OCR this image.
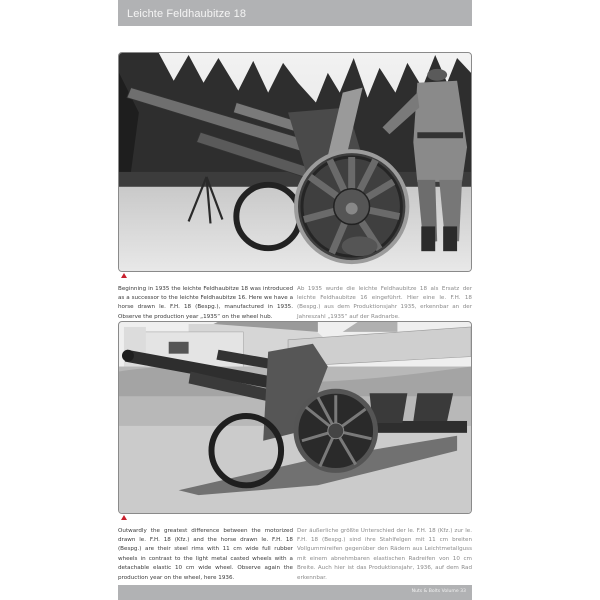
Leichte Feldhaubitze 18

Beginning in 1935 the leichte Feldhaubitze 18 was introduced as a successor to the leichte Feldhaubitze 16. Here we have a horse drawn le. F.H. 18 (Bespg.), manufactured in 1935. Observe the production year „1935“ on the wheel hub.

Ab 1935 wurde die leichte Feldhaubitze 18 als Ersatz der leichte Feldhaubitze 16 eingeführt. Hier eine le. F.H. 18 (Bespg.) aus dem Produktionsjahr 1935, erkennbar an der Jahreszahl „1935“ auf der Radnarbe.

Outwardly the greatest difference between the motorized drawn le. F.H. 18 (Kfz.) and the horse drawn le. F.H. 18 (Bespg.) are their steel rims with 11 cm wide full rubber wheels in contrast to the light metal casted wheels with a detachable elastic 10 cm wide wheel. Observe again the production year on the wheel, here 1936.

Der äußerliche größte Unterschied der le. F.H. 18 (Kfz.) zur le. F.H. 18 (Bespg.) sind ihre Stahlfelgen mit 11 cm breiten Vollgummireifen gegenüber den Rädern aus Leichtmetallguss mit einem abnehmbaren elastischen Radreifen von 10 cm Breite. Auch hier ist das Produktionsjahr, 1936, auf dem Rad erkennbar.

Nuts & Bolts Volume 33
